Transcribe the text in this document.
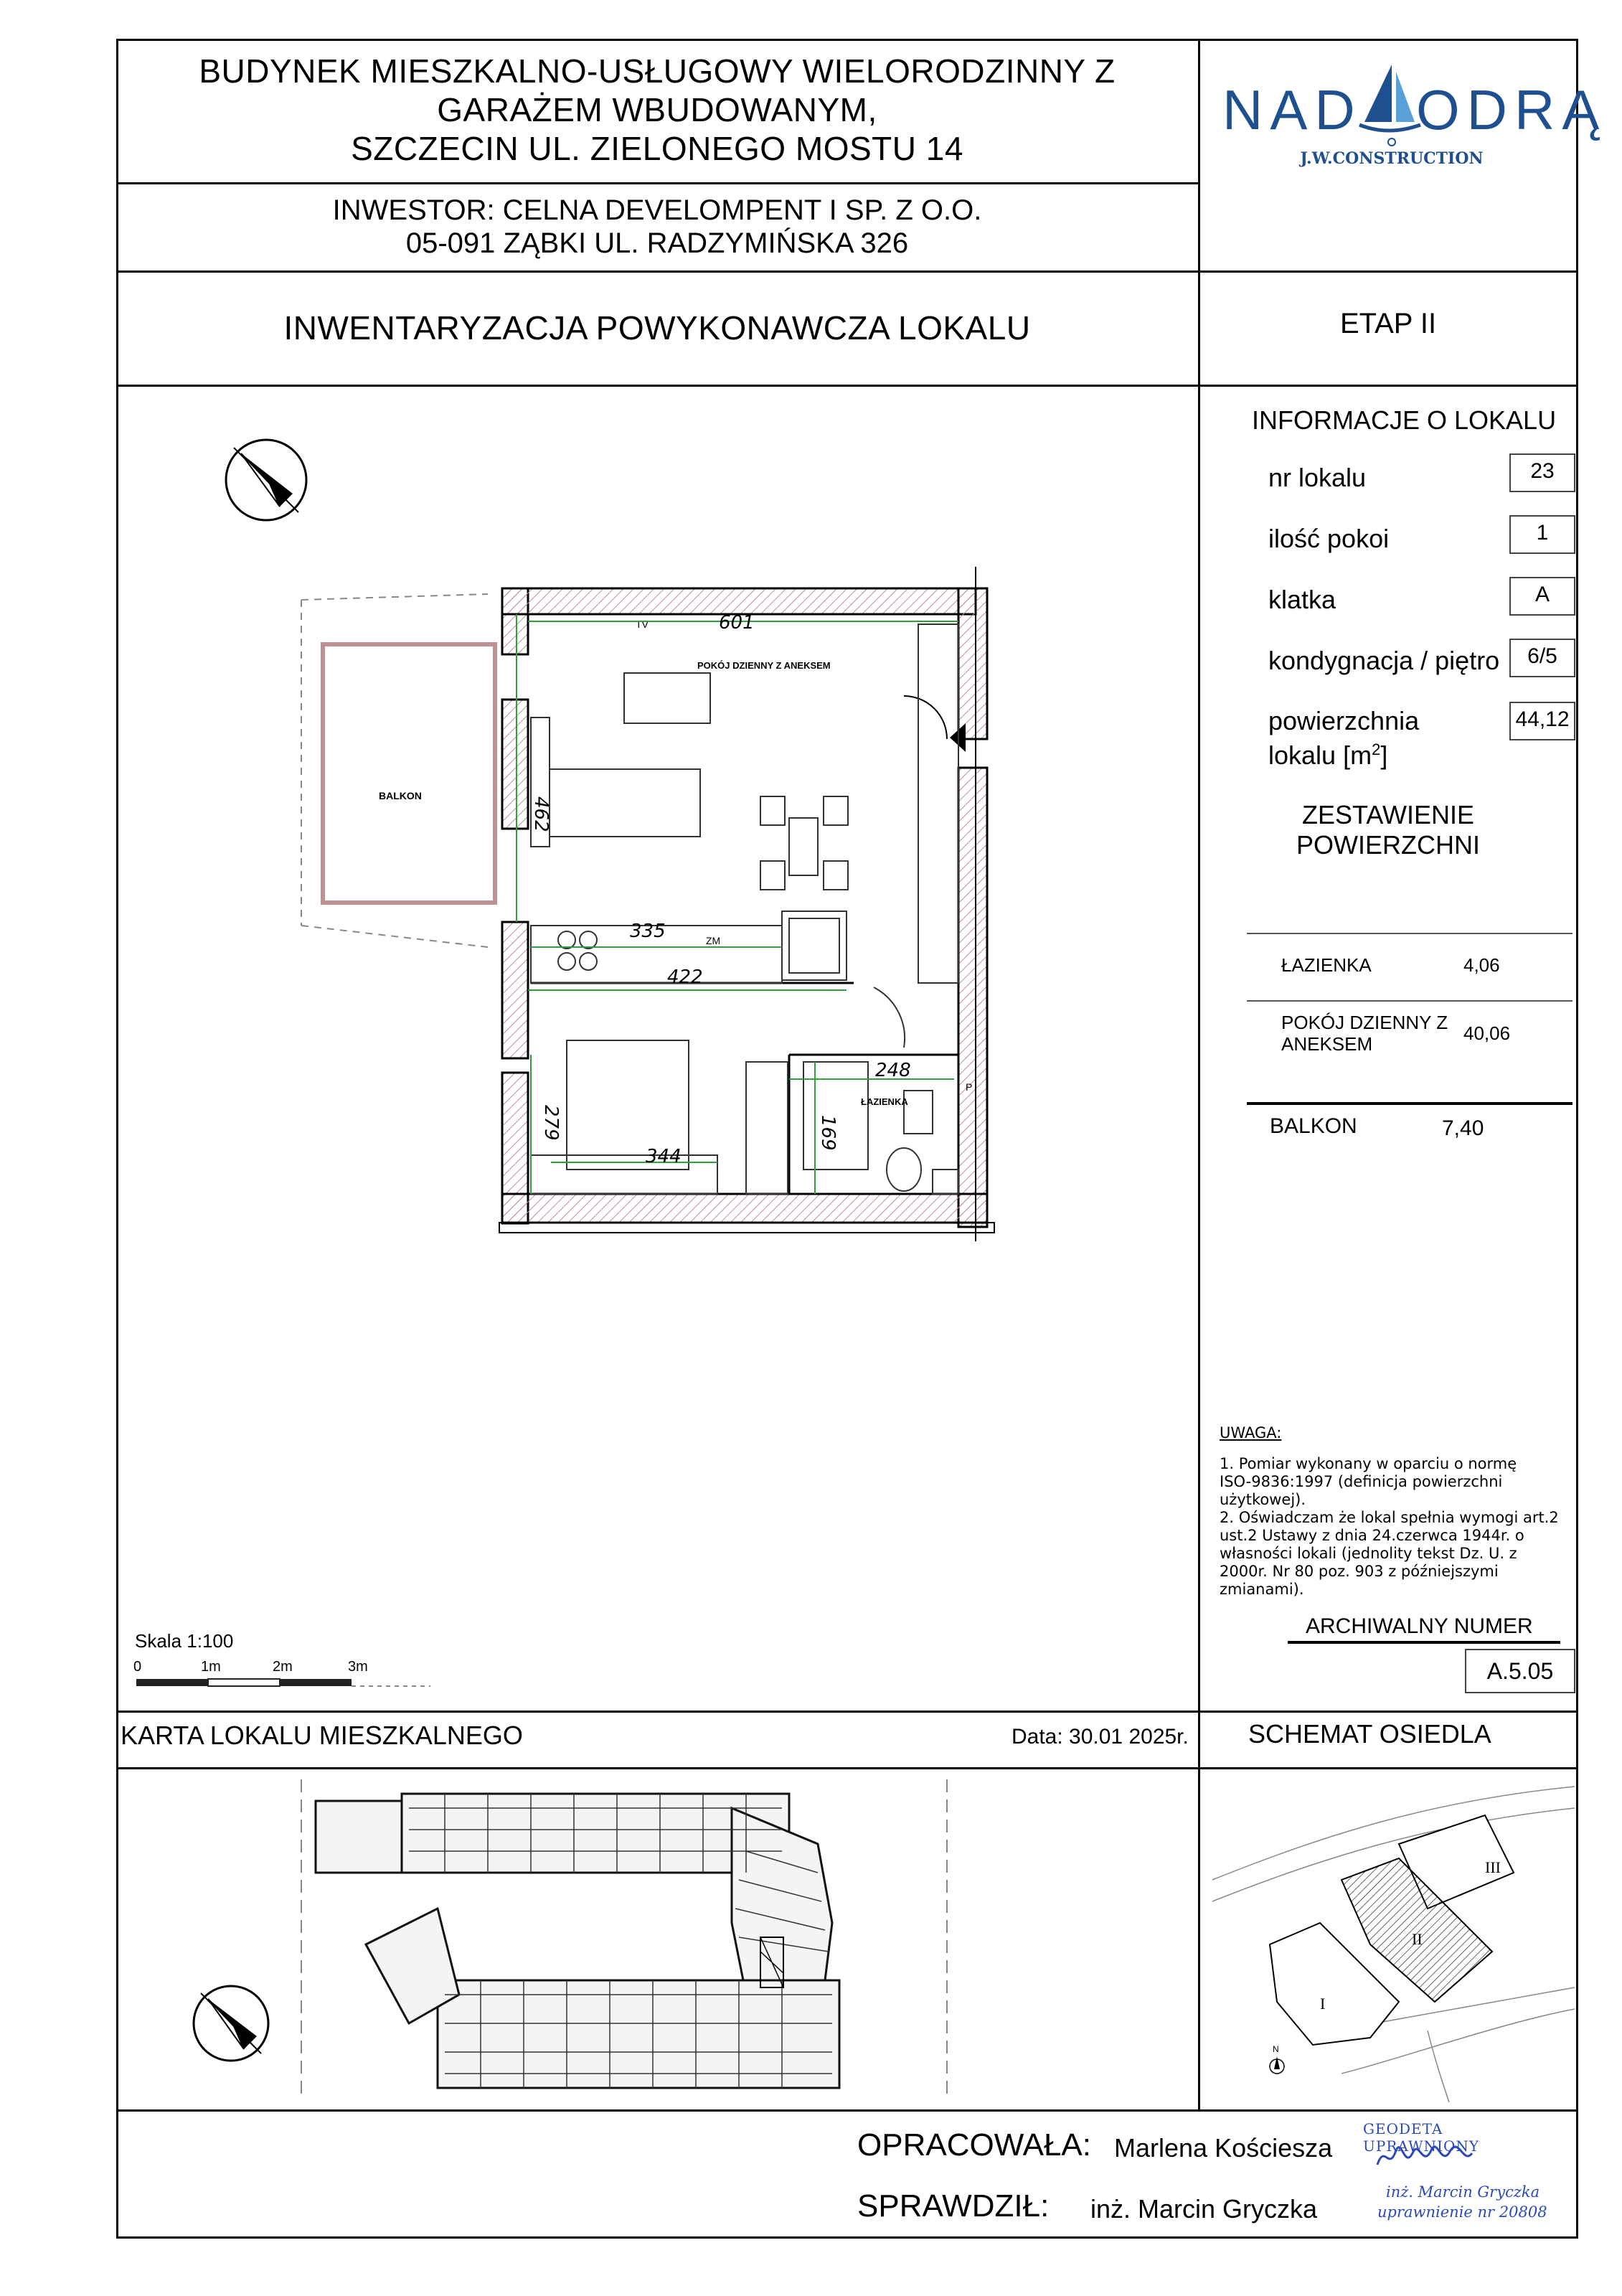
BUDYNEK MIESZKALNO-USŁUGOWY WIELORODZINNY Z
GARAŻEM WBUDOWANYM,
SZCZECIN UL. ZIELONEGO MOSTU 14
INWESTOR: CELNA DEVELOMPENT I SP. Z O.O.
05-091 ZĄBKI UL. RADZYMIŃSKA 326
INWENTARYZACJA POWYKONAWCZA LOKALU	ETAP II
NAD ODRĄ
J.W.CONSTRUCTION
INFORMACJE O LOKALU
nr lokalu	23
ilość pokoi	1
klatka	A
kondygnacja / piętro	6/5
powierzchnia
lokalu $[m^2]$
44,12
ZESTAWIENIE
POWIERZCHNI
ŁAZIENKA	4,06
POKÓJ DZIENNY Z
ANEKSEM	40,06
BALKON	7,40
UWAGA:
1. Pomiar wykonany w oparciu o normę
ISO-9836:1997 (definicja powierzchni
użytkowej).
2. Oświadczam że lokal spełnia wymogi art.2
ust.2 Ustawy z dnia 24.czerwca 1944r. o
własności lokali (jednolity tekst Dz. U. z
2000r. Nr 80 poz. 903 z późniejszymi
zmianami).
ARCHIWALNY NUMER
A.5.05
Skala 1:100
0	1m	2m	3m
KARTA LOKALU MIESZKALNEGO	Data: 30.01 2025r. SCHEMAT OSIEDLA
OPRACOWAŁA: Marlena Kościesza
SPRAWDZIŁ: inż. Marcin Gryczka
GEODETA UPRAWNIONY
inż. Marcin Gryczka
uprawnienie nr 20808
BALKON
POKÓJ DZIENNY Z ANEKSEM
ŁAZIENKA
TV
ZM
P
601
462
335
422
279
344
248
169
III
II
I
N
